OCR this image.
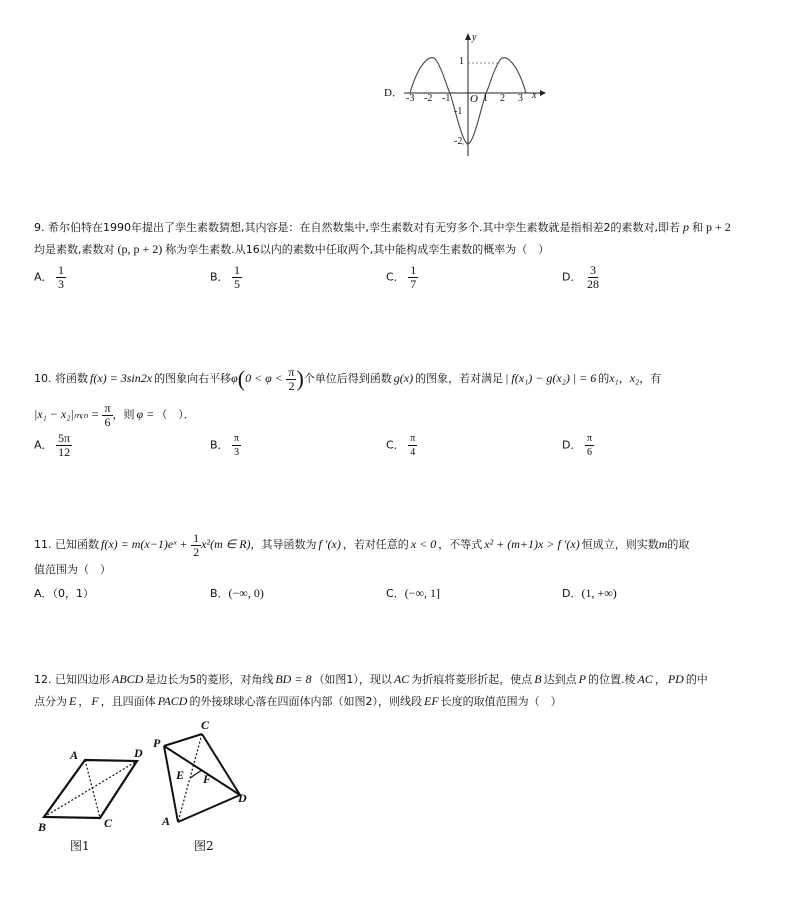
D．
y
x
O
-3 -2 -1	1 2 3
1
-1
-2
9. 希尔伯特在1990年提出了孪生素数猜想,其内容是：在自然数集中,孪生素数对有无穷多个.其中孪生素数就是指相差2的素数对,即若 p 和 p + 2
均是素数,素数对 (p, p + 2) 称为孪生素数.从16以内的素数中任取两个,其中能构成孪生素数的概率为（　）
A． $\frac{1}{3}$	B． $\frac{1}{5}$	C． $\frac{1}{7}$	D． $\frac{3}{28}$
10. 将函数 f(x) = 3sin2x 的图象向右平移$\varphi(0 < \varphi < \frac{\pi}{2}$ )个单位后得到函数 g(x) 的图象，若对满足 | f(x₁) − g(x₂) | = 6 的x₁，x₂，有
|x₁ − x₂|ₘᵢₙ = $\frac{\pi}{6}$ ，则 φ = （　）．
A． $\frac{5\pi}{12}$	B． $\frac{\pi}{3}$	C． $\frac{\pi}{4}$	D． $\frac{\pi}{6}$
11. 已知函数 f(x) = m(x−1)eˣ + $\frac{1}{2} x^2(m$ ∈ R)，其导函数为 f ′(x) ，若对任意的 x < 0 ，不等式 x² + (m+1)x > f ′(x) 恒成立，则实数m的取
值范围为（　）
A．（0，1）	B．(−∞, 0)	C．(−∞, 1]	D．(1, +∞)
12. 已知四边形 ABCD 是边长为5的菱形，对角线 BD = 8 （如图1），现以 AC 为折痕将菱形折起，使点 B 达到点 P 的位置.棱 AC ， PD 的中
点分为 E ， F ，且四面体 PACD 的外接球球心落在四面体内部（如图2），则线段 EF 长度的取值范围为（　）
A	D
B	C
图1
P
C
E F
D
A
图2
